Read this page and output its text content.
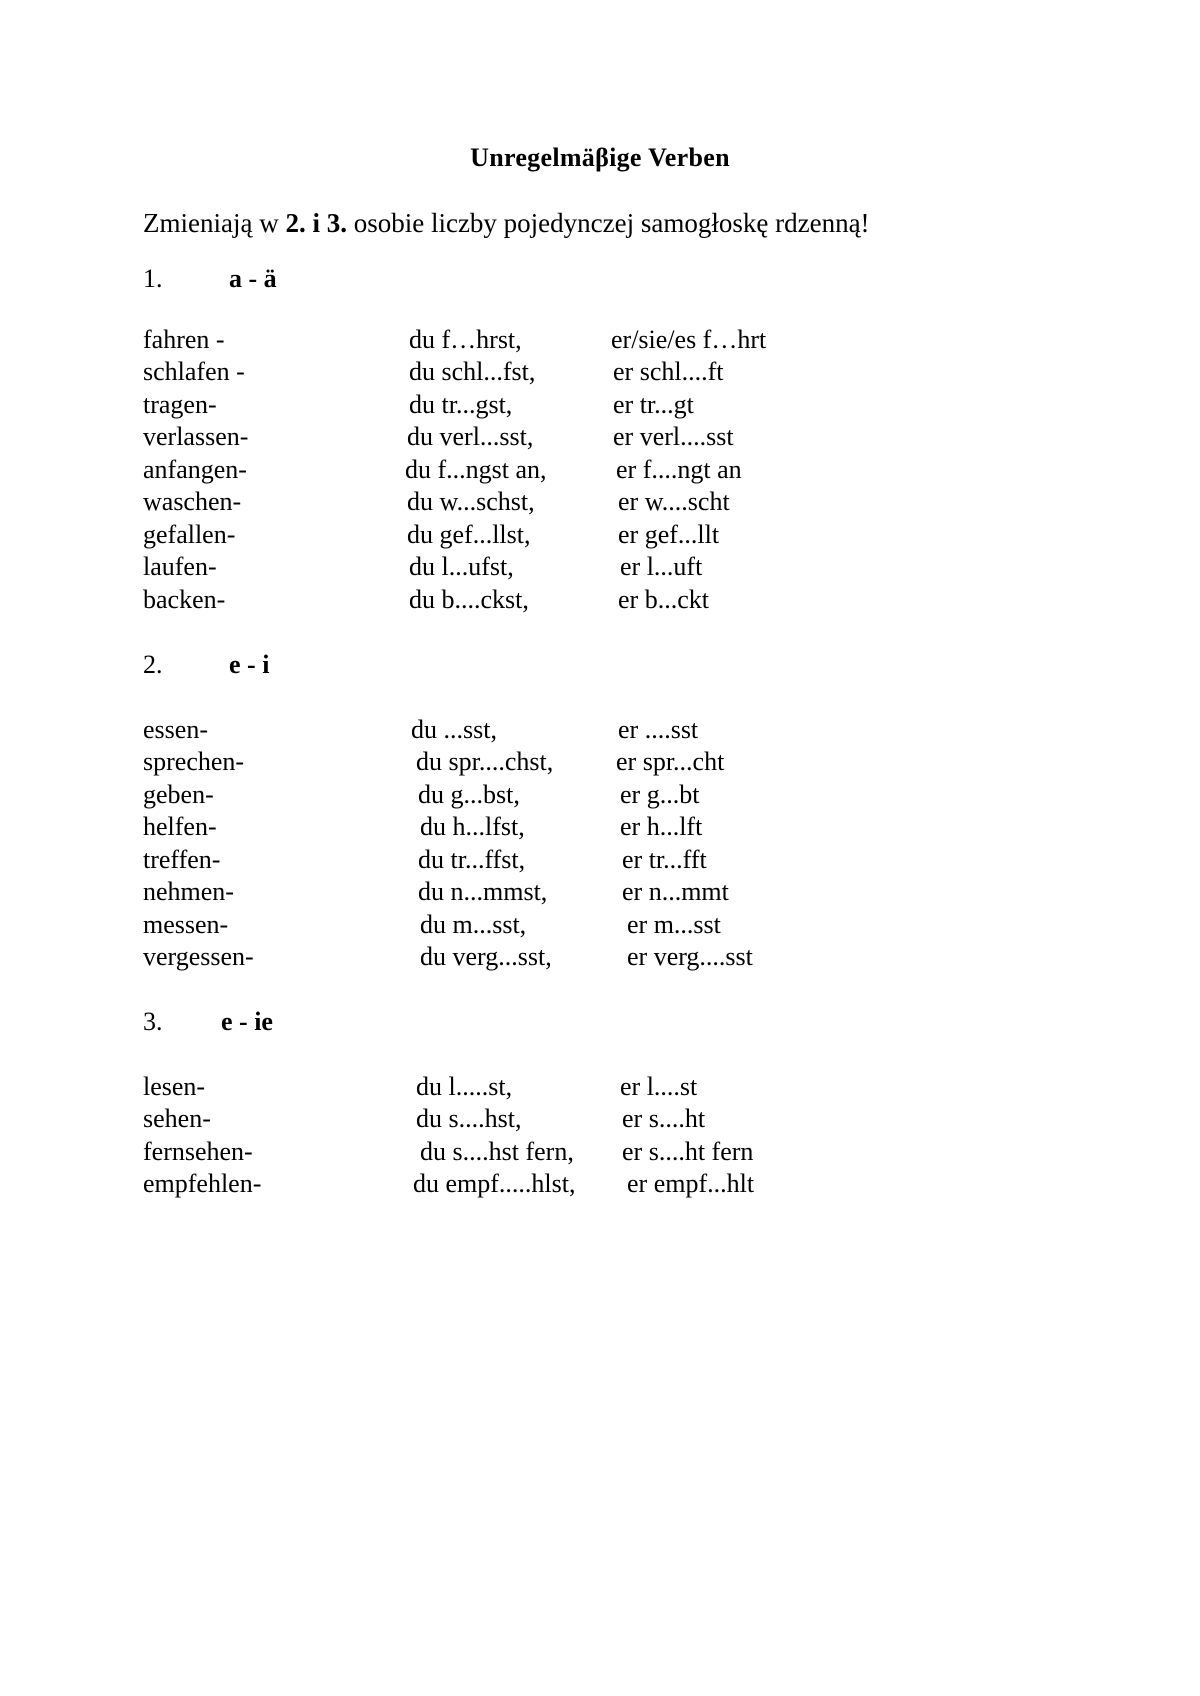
Unregelmäβige Verben
Zmieniają w 2. i 3. osobie liczby pojedynczej samogłoskę rdzenną!
1.	a - ä
fahren -	du f…hrst,	er/sie/es f…hrt
schlafen -	du schl...fst,	er schl....ft
tragen-	du tr...gst,	er tr...gt
verlassen-	du verl...sst,	er verl....sst
anfangen-	du f...ngst an,	er f....ngt an
waschen-	du w...schst,	er w....scht
gefallen-	du gef...llst,	er gef...llt
laufen-	du l...ufst,	er l...uft
backen-	du b....ckst,	er b...ckt
2.	e - i
essen-	du ...sst,	er ....sst
sprechen-	du spr....chst, er spr...cht
geben-	du g...bst,	er g...bt
helfen-	du h...lfst,	er h...lft
treffen-	du tr...ffst,	er tr...fft
nehmen-	du n...mmst,	er n...mmt
messen-	du m...sst,	er m...sst
vergessen-	du verg...sst,	er verg....sst
3. e - ie
lesen-	du l.....st,	er l....st
sehen-	du s....hst,	er s....ht
fernsehen-	du s....hst fern, er s....ht fern
empfehlen-	du empf.....hlst, er empf...hlt
